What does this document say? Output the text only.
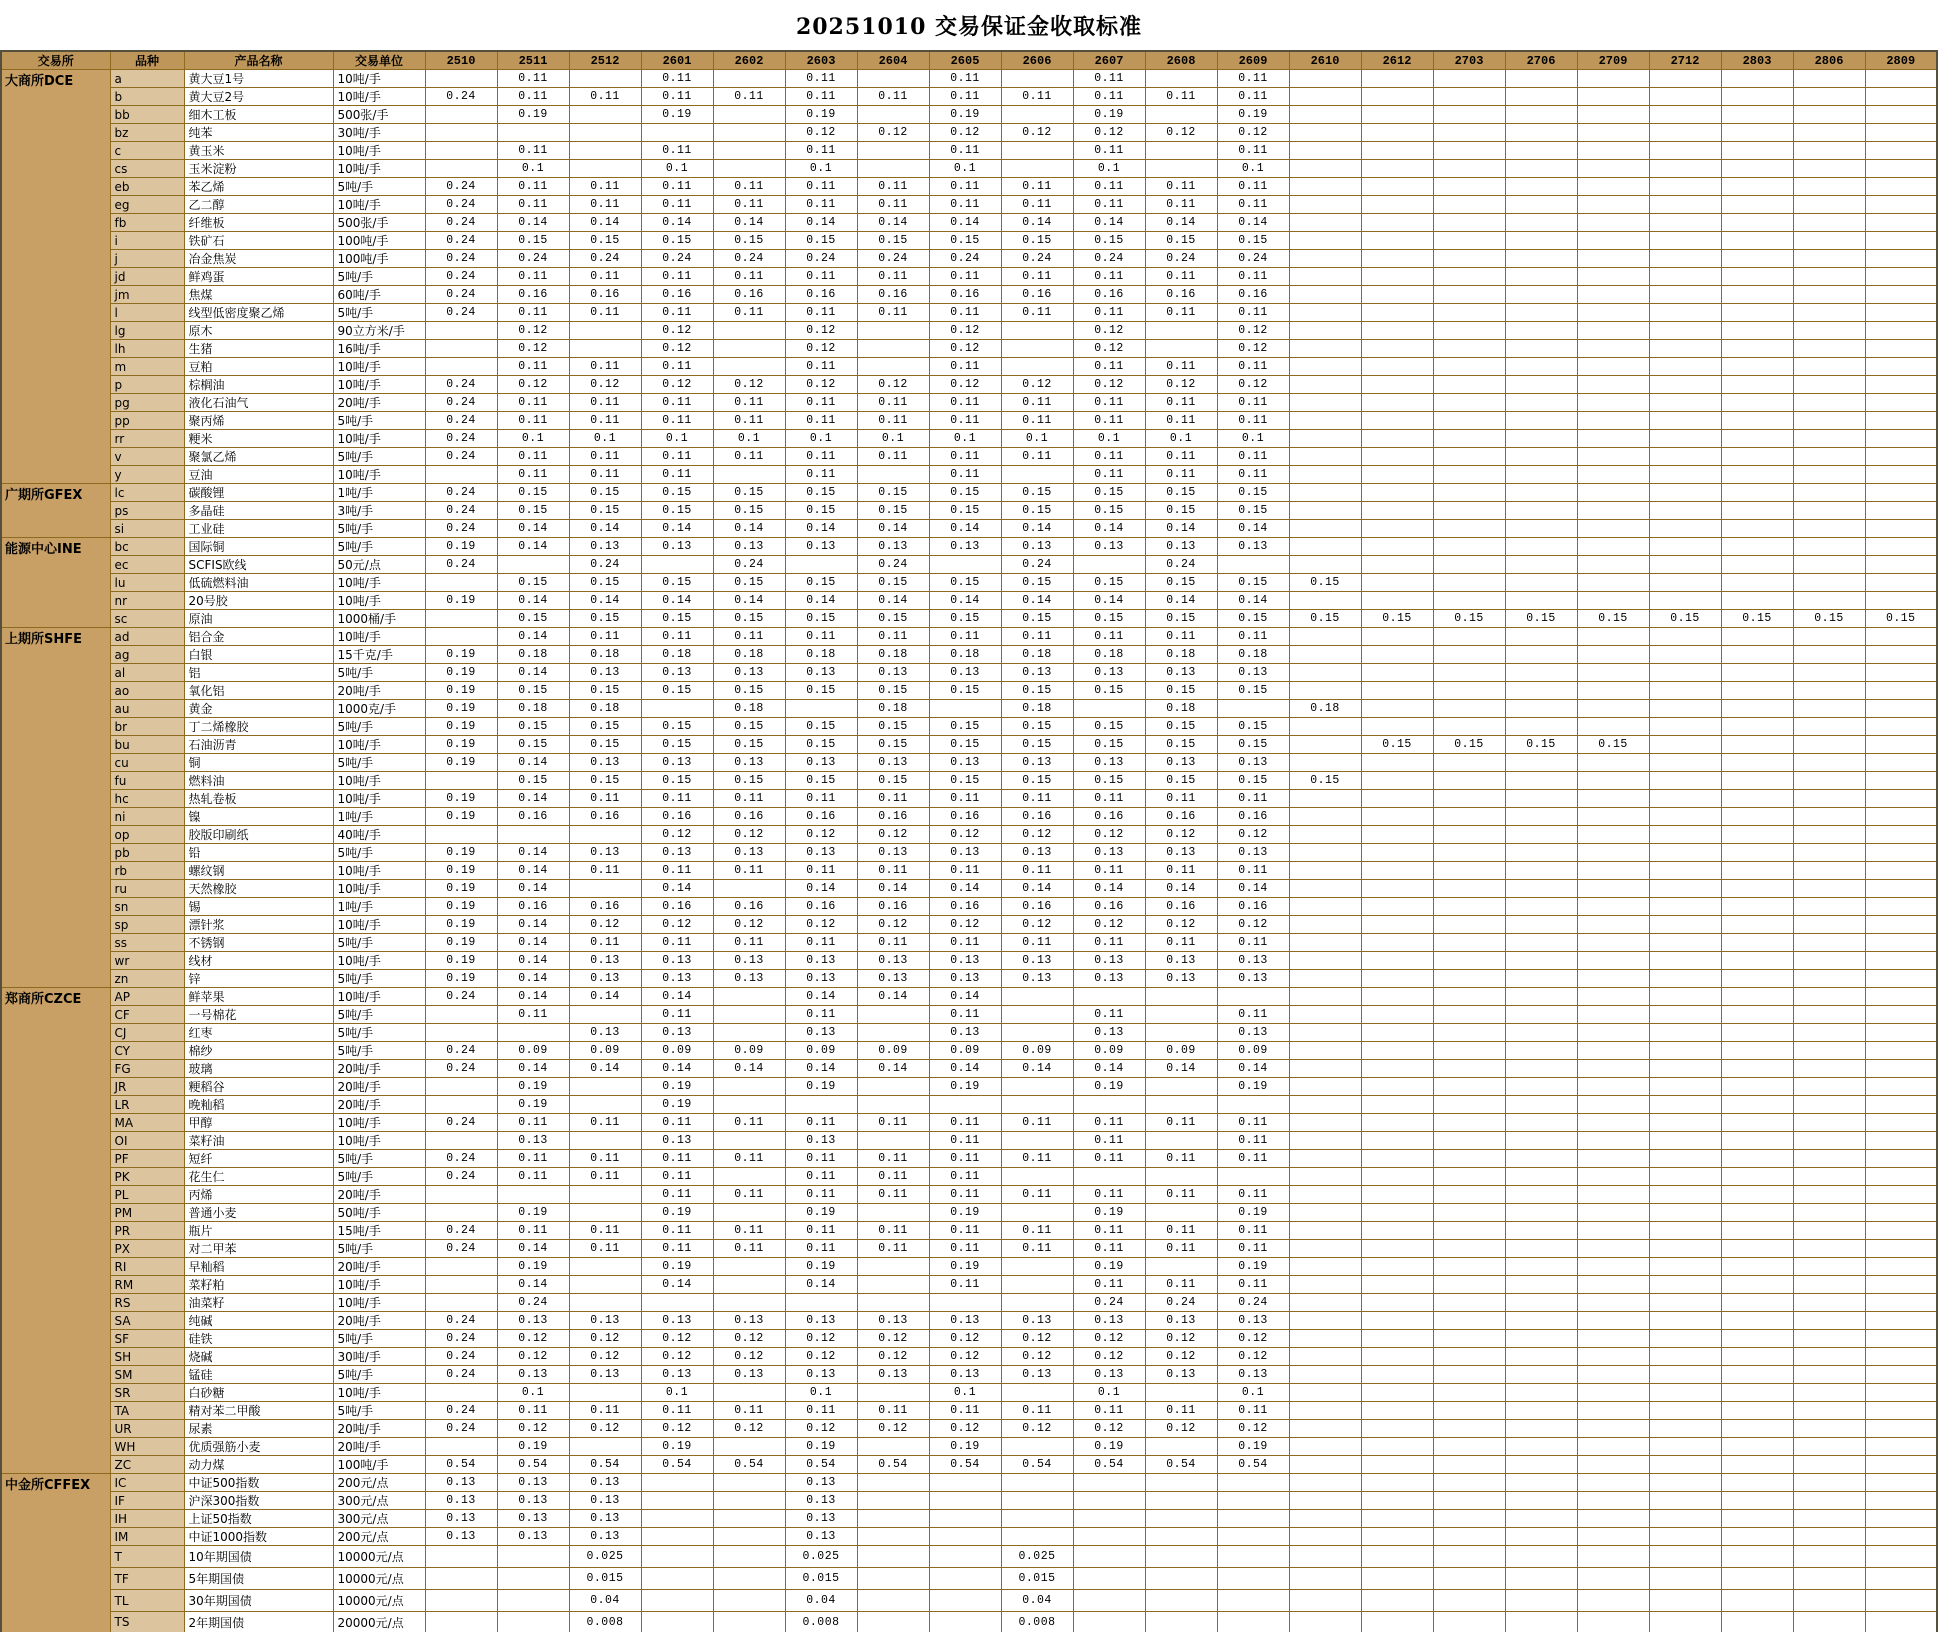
20251010 交易保证金收取标准
交易所	品种	产品名称	交易单位	2510	2511	2512	2601	2602	2603	2604	2605	2606	2607	2608	2609	2610	2612	2703	2706	2709	2712	2803	2806	2809
大商所DCE	a	黄大豆1号	10吨/手		0.11		0.11		0.11		0.11		0.11		0.11									
	b	黄大豆2号	10吨/手	0.24	0.11	0.11	0.11	0.11	0.11	0.11	0.11	0.11	0.11	0.11	0.11									
	bb	细木工板	500张/手		0.19		0.19		0.19		0.19		0.19		0.19									
	bz	纯苯	30吨/手						0.12	0.12	0.12	0.12	0.12	0.12	0.12									
	c	黄玉米	10吨/手		0.11		0.11		0.11		0.11		0.11		0.11									
	cs	玉米淀粉	10吨/手		0.1		0.1		0.1		0.1		0.1		0.1									
	eb	苯乙烯	5吨/手	0.24	0.11	0.11	0.11	0.11	0.11	0.11	0.11	0.11	0.11	0.11	0.11									
	eg	乙二醇	10吨/手	0.24	0.11	0.11	0.11	0.11	0.11	0.11	0.11	0.11	0.11	0.11	0.11									
	fb	纤维板	500张/手	0.24	0.14	0.14	0.14	0.14	0.14	0.14	0.14	0.14	0.14	0.14	0.14									
	i	铁矿石	100吨/手	0.24	0.15	0.15	0.15	0.15	0.15	0.15	0.15	0.15	0.15	0.15	0.15									
	j	冶金焦炭	100吨/手	0.24	0.24	0.24	0.24	0.24	0.24	0.24	0.24	0.24	0.24	0.24	0.24									
	jd	鲜鸡蛋	5吨/手	0.24	0.11	0.11	0.11	0.11	0.11	0.11	0.11	0.11	0.11	0.11	0.11									
	jm	焦煤	60吨/手	0.24	0.16	0.16	0.16	0.16	0.16	0.16	0.16	0.16	0.16	0.16	0.16									
	l	线型低密度聚乙烯	5吨/手	0.24	0.11	0.11	0.11	0.11	0.11	0.11	0.11	0.11	0.11	0.11	0.11									
	lg	原木	90立方米/手		0.12		0.12		0.12		0.12		0.12		0.12									
	lh	生猪	16吨/手		0.12		0.12		0.12		0.12		0.12		0.12									
	m	豆粕	10吨/手		0.11	0.11	0.11		0.11		0.11		0.11	0.11	0.11									
	p	棕榈油	10吨/手	0.24	0.12	0.12	0.12	0.12	0.12	0.12	0.12	0.12	0.12	0.12	0.12									
	pg	液化石油气	20吨/手	0.24	0.11	0.11	0.11	0.11	0.11	0.11	0.11	0.11	0.11	0.11	0.11									
	pp	聚丙烯	5吨/手	0.24	0.11	0.11	0.11	0.11	0.11	0.11	0.11	0.11	0.11	0.11	0.11									
	rr	粳米	10吨/手	0.24	0.1	0.1	0.1	0.1	0.1	0.1	0.1	0.1	0.1	0.1	0.1									
	v	聚氯乙烯	5吨/手	0.24	0.11	0.11	0.11	0.11	0.11	0.11	0.11	0.11	0.11	0.11	0.11									
	y	豆油	10吨/手		0.11	0.11	0.11		0.11		0.11		0.11	0.11	0.11									
广期所GFEX	lc	碳酸锂	1吨/手	0.24	0.15	0.15	0.15	0.15	0.15	0.15	0.15	0.15	0.15	0.15	0.15									
	ps	多晶硅	3吨/手	0.24	0.15	0.15	0.15	0.15	0.15	0.15	0.15	0.15	0.15	0.15	0.15									
	si	工业硅	5吨/手	0.24	0.14	0.14	0.14	0.14	0.14	0.14	0.14	0.14	0.14	0.14	0.14									
能源中心INE	bc	国际铜	5吨/手	0.19	0.14	0.13	0.13	0.13	0.13	0.13	0.13	0.13	0.13	0.13	0.13									
	ec	SCFIS欧线	50元/点	0.24		0.24		0.24		0.24		0.24		0.24										
	lu	低硫燃料油	10吨/手		0.15	0.15	0.15	0.15	0.15	0.15	0.15	0.15	0.15	0.15	0.15	0.15								
	nr	20号胶	10吨/手	0.19	0.14	0.14	0.14	0.14	0.14	0.14	0.14	0.14	0.14	0.14	0.14									
	sc	原油	1000桶/手		0.15	0.15	0.15	0.15	0.15	0.15	0.15	0.15	0.15	0.15	0.15	0.15	0.15	0.15	0.15	0.15	0.15	0.15	0.15	0.15
上期所SHFE	ad	铝合金	10吨/手		0.14	0.11	0.11	0.11	0.11	0.11	0.11	0.11	0.11	0.11	0.11									
	ag	白银	15千克/手	0.19	0.18	0.18	0.18	0.18	0.18	0.18	0.18	0.18	0.18	0.18	0.18									
	al	铝	5吨/手	0.19	0.14	0.13	0.13	0.13	0.13	0.13	0.13	0.13	0.13	0.13	0.13									
	ao	氧化铝	20吨/手	0.19	0.15	0.15	0.15	0.15	0.15	0.15	0.15	0.15	0.15	0.15	0.15									
	au	黄金	1000克/手	0.19	0.18	0.18		0.18		0.18		0.18		0.18		0.18								
	br	丁二烯橡胶	5吨/手	0.19	0.15	0.15	0.15	0.15	0.15	0.15	0.15	0.15	0.15	0.15	0.15									
	bu	石油沥青	10吨/手	0.19	0.15	0.15	0.15	0.15	0.15	0.15	0.15	0.15	0.15	0.15	0.15		0.15	0.15	0.15	0.15				
	cu	铜	5吨/手	0.19	0.14	0.13	0.13	0.13	0.13	0.13	0.13	0.13	0.13	0.13	0.13									
	fu	燃料油	10吨/手		0.15	0.15	0.15	0.15	0.15	0.15	0.15	0.15	0.15	0.15	0.15	0.15								
	hc	热轧卷板	10吨/手	0.19	0.14	0.11	0.11	0.11	0.11	0.11	0.11	0.11	0.11	0.11	0.11									
	ni	镍	1吨/手	0.19	0.16	0.16	0.16	0.16	0.16	0.16	0.16	0.16	0.16	0.16	0.16									
	op	胶版印刷纸	40吨/手				0.12	0.12	0.12	0.12	0.12	0.12	0.12	0.12	0.12									
	pb	铅	5吨/手	0.19	0.14	0.13	0.13	0.13	0.13	0.13	0.13	0.13	0.13	0.13	0.13									
	rb	螺纹钢	10吨/手	0.19	0.14	0.11	0.11	0.11	0.11	0.11	0.11	0.11	0.11	0.11	0.11									
	ru	天然橡胶	10吨/手	0.19	0.14		0.14		0.14	0.14	0.14	0.14	0.14	0.14	0.14									
	sn	锡	1吨/手	0.19	0.16	0.16	0.16	0.16	0.16	0.16	0.16	0.16	0.16	0.16	0.16									
	sp	漂针浆	10吨/手	0.19	0.14	0.12	0.12	0.12	0.12	0.12	0.12	0.12	0.12	0.12	0.12									
	ss	不锈钢	5吨/手	0.19	0.14	0.11	0.11	0.11	0.11	0.11	0.11	0.11	0.11	0.11	0.11									
	wr	线材	10吨/手	0.19	0.14	0.13	0.13	0.13	0.13	0.13	0.13	0.13	0.13	0.13	0.13									
	zn	锌	5吨/手	0.19	0.14	0.13	0.13	0.13	0.13	0.13	0.13	0.13	0.13	0.13	0.13									
郑商所CZCE	AP	鲜苹果	10吨/手	0.24	0.14	0.14	0.14		0.14	0.14	0.14													
	CF	一号棉花	5吨/手		0.11		0.11		0.11		0.11		0.11		0.11									
	CJ	红枣	5吨/手			0.13	0.13		0.13		0.13		0.13		0.13									
	CY	棉纱	5吨/手	0.24	0.09	0.09	0.09	0.09	0.09	0.09	0.09	0.09	0.09	0.09	0.09									
	FG	玻璃	20吨/手	0.24	0.14	0.14	0.14	0.14	0.14	0.14	0.14	0.14	0.14	0.14	0.14									
	JR	粳稻谷	20吨/手		0.19		0.19		0.19		0.19		0.19		0.19									
	LR	晚籼稻	20吨/手		0.19		0.19																	
	MA	甲醇	10吨/手	0.24	0.11	0.11	0.11	0.11	0.11	0.11	0.11	0.11	0.11	0.11	0.11									
	OI	菜籽油	10吨/手		0.13		0.13		0.13		0.11		0.11		0.11									
	PF	短纤	5吨/手	0.24	0.11	0.11	0.11	0.11	0.11	0.11	0.11	0.11	0.11	0.11	0.11									
	PK	花生仁	5吨/手	0.24	0.11	0.11	0.11		0.11	0.11	0.11													
	PL	丙烯	20吨/手				0.11	0.11	0.11	0.11	0.11	0.11	0.11	0.11	0.11									
	PM	普通小麦	50吨/手		0.19		0.19		0.19		0.19		0.19		0.19									
	PR	瓶片	15吨/手	0.24	0.11	0.11	0.11	0.11	0.11	0.11	0.11	0.11	0.11	0.11	0.11									
	PX	对二甲苯	5吨/手	0.24	0.14	0.11	0.11	0.11	0.11	0.11	0.11	0.11	0.11	0.11	0.11									
	RI	早籼稻	20吨/手		0.19		0.19		0.19		0.19		0.19		0.19									
	RM	菜籽粕	10吨/手		0.14		0.14		0.14		0.11		0.11	0.11	0.11									
	RS	油菜籽	10吨/手		0.24								0.24	0.24	0.24									
	SA	纯碱	20吨/手	0.24	0.13	0.13	0.13	0.13	0.13	0.13	0.13	0.13	0.13	0.13	0.13									
	SF	硅铁	5吨/手	0.24	0.12	0.12	0.12	0.12	0.12	0.12	0.12	0.12	0.12	0.12	0.12									
	SH	烧碱	30吨/手	0.24	0.12	0.12	0.12	0.12	0.12	0.12	0.12	0.12	0.12	0.12	0.12									
	SM	锰硅	5吨/手	0.24	0.13	0.13	0.13	0.13	0.13	0.13	0.13	0.13	0.13	0.13	0.13									
	SR	白砂糖	10吨/手		0.1		0.1		0.1		0.1		0.1		0.1									
	TA	精对苯二甲酸	5吨/手	0.24	0.11	0.11	0.11	0.11	0.11	0.11	0.11	0.11	0.11	0.11	0.11									
	UR	尿素	20吨/手	0.24	0.12	0.12	0.12	0.12	0.12	0.12	0.12	0.12	0.12	0.12	0.12									
	WH	优质强筋小麦	20吨/手		0.19		0.19		0.19		0.19		0.19		0.19									
	ZC	动力煤	100吨/手	0.54	0.54	0.54	0.54	0.54	0.54	0.54	0.54	0.54	0.54	0.54	0.54									
中金所CFFEX	IC	中证500指数	200元/点	0.13	0.13	0.13			0.13															
	IF	沪深300指数	300元/点	0.13	0.13	0.13			0.13															
	IH	上证50指数	300元/点	0.13	0.13	0.13			0.13															
	IM	中证1000指数	200元/点	0.13	0.13	0.13			0.13															
	T	10年期国债	10000元/点			0.025			0.025			0.025												
	TF	5年期国债	10000元/点			0.015			0.015			0.015												
	TL	30年期国债	10000元/点			0.04			0.04			0.04												
	TS	2年期国债	20000元/点			0.008			0.008			0.008												
